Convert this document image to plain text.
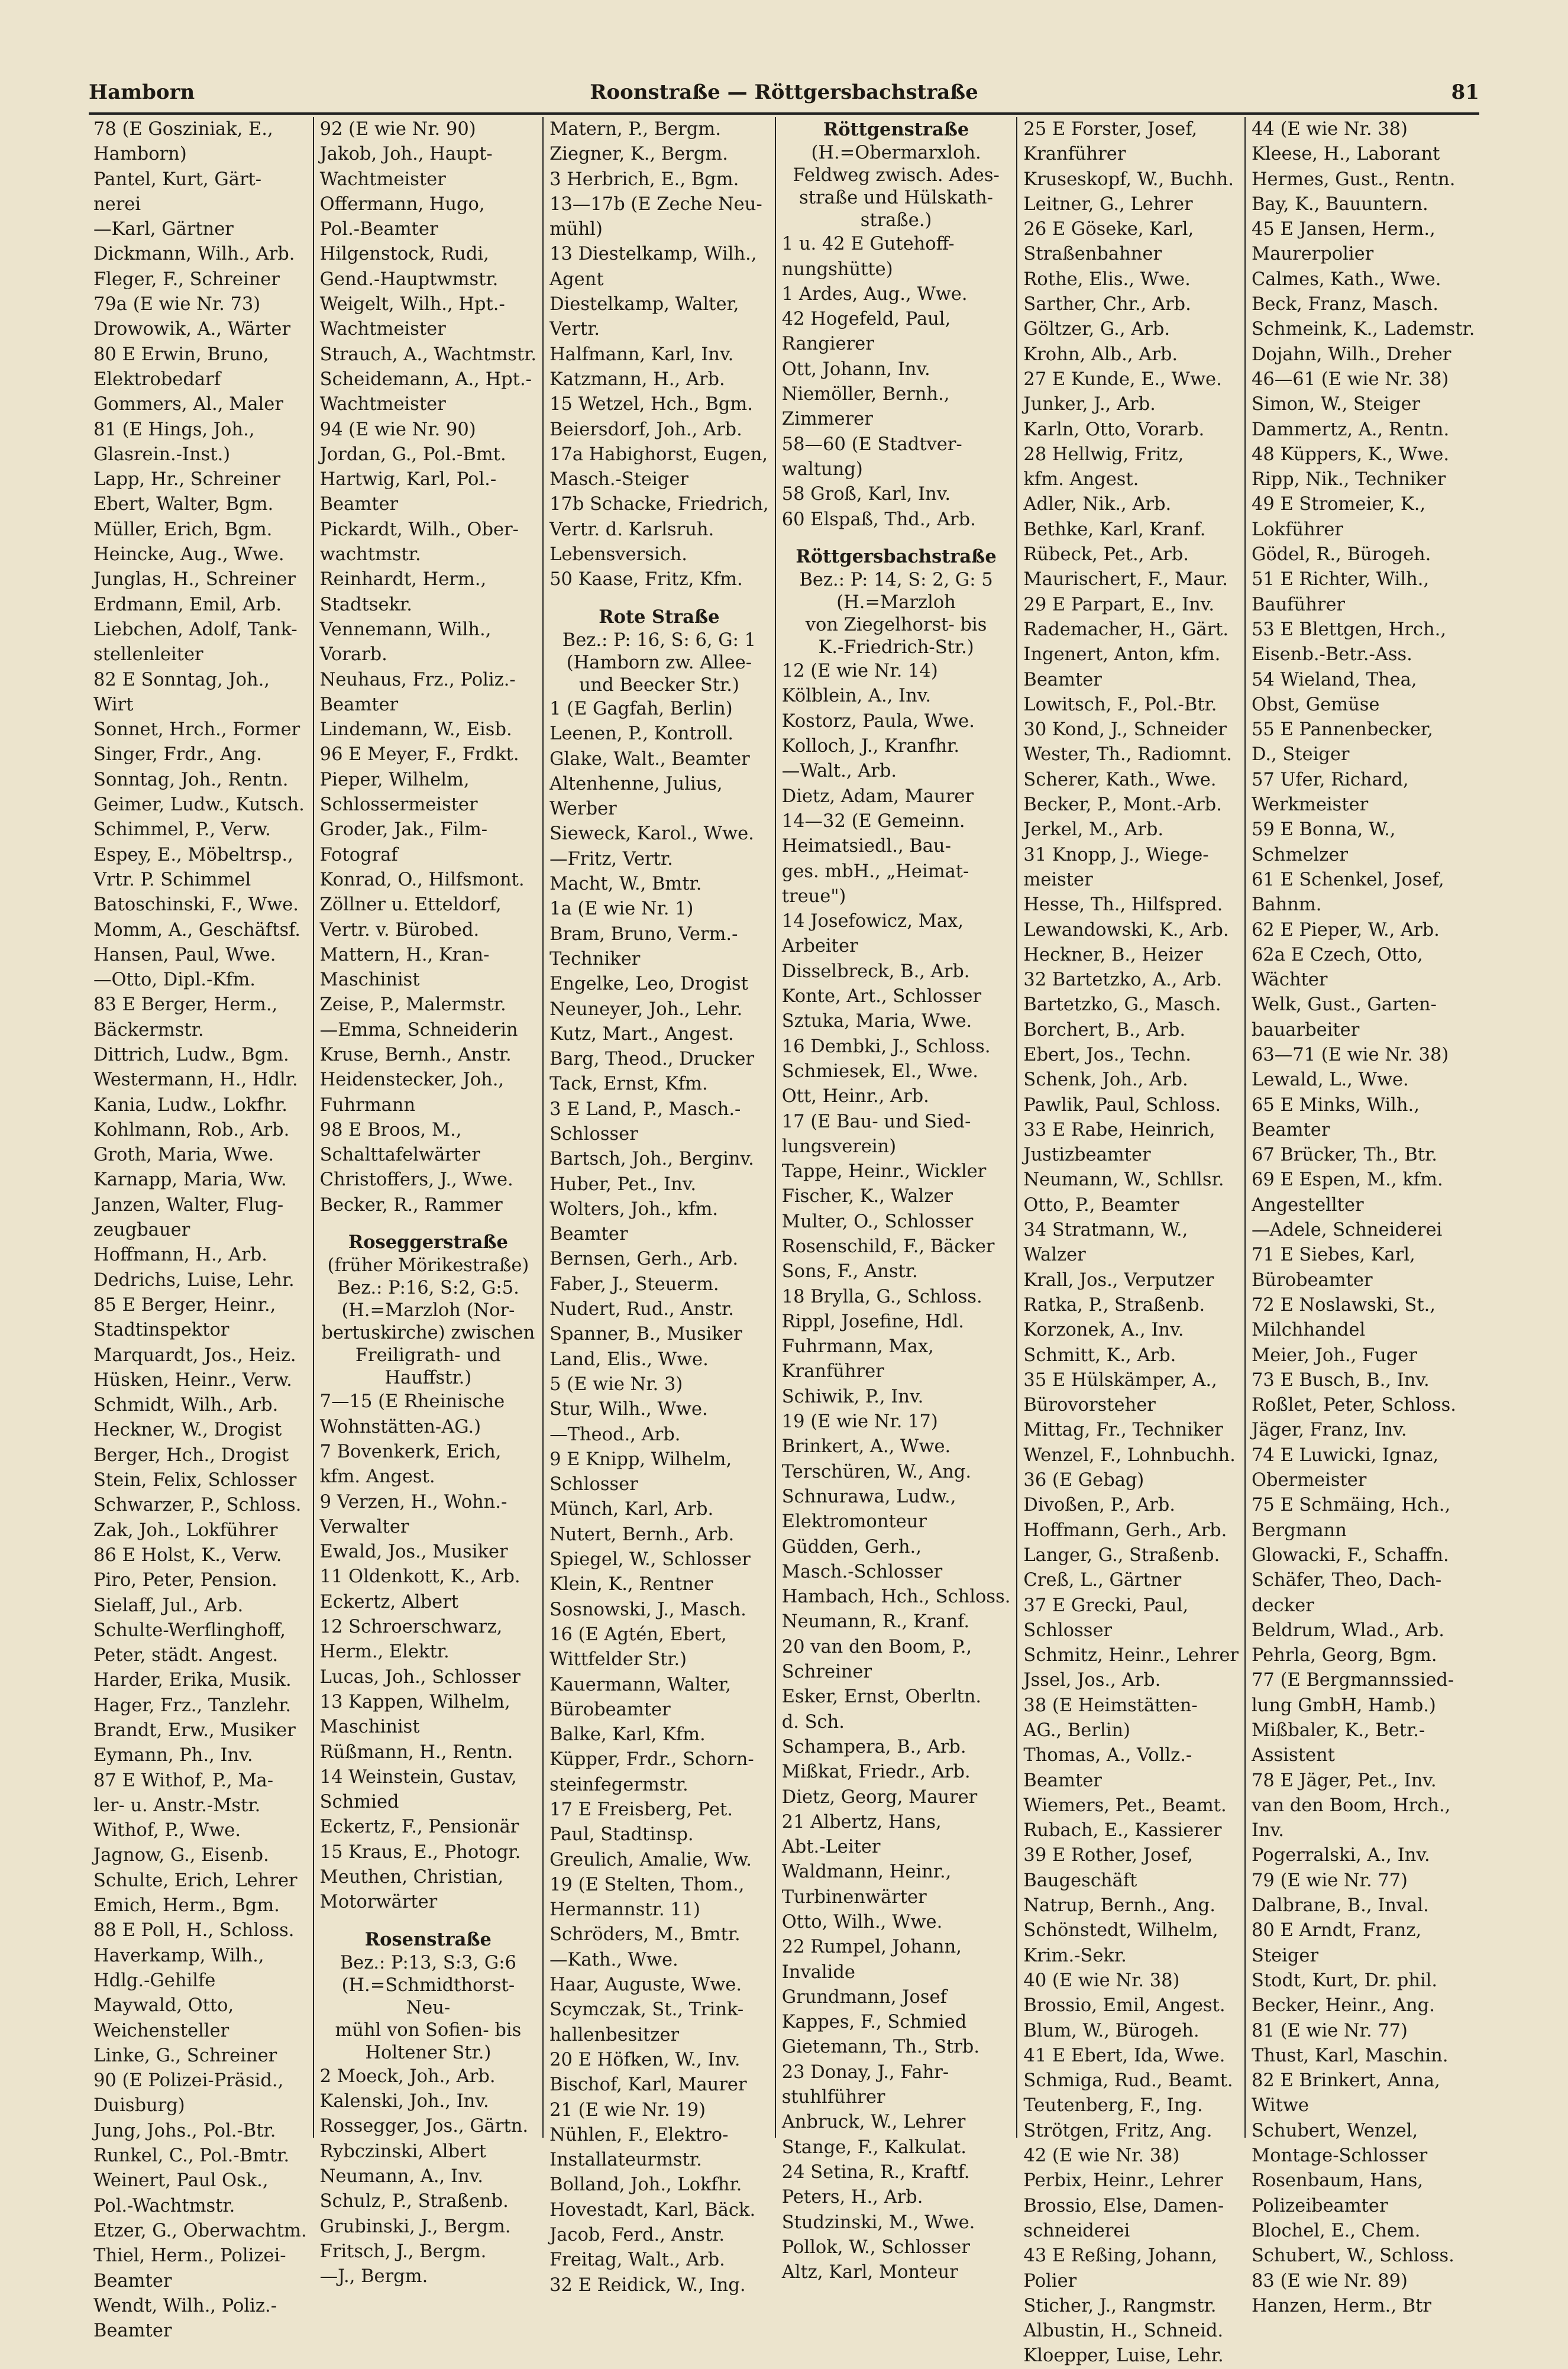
Hamborn	Roonstraße — Röttgersbachstraße	81
78 (E Gosziniak, E.,
Hamborn)
Pantel, Kurt, Gärt-
nerei
—Karl, Gärtner
Dickmann, Wilh., Arb.
Fleger, F., Schreiner
79a (E wie Nr. 73)
Drowowik, A., Wärter
80 E Erwin, Bruno,
Elektrobedarf
Gommers, Al., Maler
81 (E Hings, Joh.,
Glasrein.-Inst.)
Lapp, Hr., Schreiner
Ebert, Walter, Bgm.
Müller, Erich, Bgm.
Heincke, Aug., Wwe.
Junglas, H., Schreiner
Erdmann, Emil, Arb.
Liebchen, Adolf, Tank-
stellenleiter
82 E Sonntag, Joh.,
Wirt
Sonnet, Hrch., Former
Singer, Frdr., Ang.
Sonntag, Joh., Rentn.
Geimer, Ludw., Kutsch.
Schimmel, P., Verw.
Espey, E., Möbeltrsp.,
Vrtr. P. Schimmel
Batoschinski, F., Wwe.
Momm, A., Geschäftsf.
Hansen, Paul, Wwe.
—Otto, Dipl.-Kfm.
83 E Berger, Herm.,
Bäckermstr.
Dittrich, Ludw., Bgm.
Westermann, H., Hdlr.
Kania, Ludw., Lokfhr.
Kohlmann, Rob., Arb.
Groth, Maria, Wwe.
Karnapp, Maria, Ww.
Janzen, Walter, Flug-
zeugbauer
Hoffmann, H., Arb.
Dedrichs, Luise, Lehr.
85 E Berger, Heinr.,
Stadtinspektor
Marquardt, Jos., Heiz.
Hüsken, Heinr., Verw.
Schmidt, Wilh., Arb.
Heckner, W., Drogist
Berger, Hch., Drogist
Stein, Felix, Schlosser
Schwarzer, P., Schloss.
Zak, Joh., Lokführer
86 E Holst, K., Verw.
Piro, Peter, Pension.
Sielaff, Jul., Arb.
Schulte-Werflinghoff,
Peter, städt. Angest.
Harder, Erika, Musik.
Hager, Frz., Tanzlehr.
Brandt, Erw., Musiker
Eymann, Ph., Inv.
87 E Withof, P., Ma-
ler- u. Anstr.-Mstr.
Withof, P., Wwe.
Jagnow, G., Eisenb.
Schulte, Erich, Lehrer
Emich, Herm., Bgm.
88 E Poll, H., Schloss.
Haverkamp, Wilh.,
Hdlg.-Gehilfe
Maywald, Otto,
Weichensteller
Linke, G., Schreiner
90 (E Polizei-Präsid.,
Duisburg)
Jung, Johs., Pol.-Btr.
Runkel, C., Pol.-Bmtr.
Weinert, Paul Osk.,
Pol.-Wachtmstr.
Etzer, G., Oberwachtm.
Thiel, Herm., Polizei-
Beamter
Wendt, Wilh., Poliz.-
Beamter
92 (E wie Nr. 90)
Jakob, Joh., Haupt-
Wachtmeister
Offermann, Hugo,
Pol.-Beamter
Hilgenstock, Rudi,
Gend.-Hauptwmstr.
Weigelt, Wilh., Hpt.-
Wachtmeister
Strauch, A., Wachtmstr.
Scheidemann, A., Hpt.-
Wachtmeister
94 (E wie Nr. 90)
Jordan, G., Pol.-Bmt.
Hartwig, Karl, Pol.-
Beamter
Pickardt, Wilh., Ober-
wachtmstr.
Reinhardt, Herm.,
Stadtsekr.
Vennemann, Wilh.,
Vorarb.
Neuhaus, Frz., Poliz.-
Beamter
Lindemann, W., Eisb.
96 E Meyer, F., Frdkt.
Pieper, Wilhelm,
Schlossermeister
Groder, Jak., Film-
Fotograf
Konrad, O., Hilfsmont.
Zöllner u. Etteldorf,
Vertr. v. Bürobed.
Mattern, H., Kran-
Maschinist
Zeise, P., Malermstr.
—Emma, Schneiderin
Kruse, Bernh., Anstr.
Heidenstecker, Joh.,
Fuhrmann
98 E Broos, M.,
Schalttafelwärter
Christoffers, J., Wwe.
Becker, R., Rammer
Roseggerstraße
(früher Mörikestraße)
Bez.: P:16, S:2, G:5.
(H.=Marzloh (Nor-
bertuskirche) zwischen
Freiligrath- und
Hauffstr.)
7—15 (E Rheinische
Wohnstätten-AG.)
7 Bovenkerk, Erich,
kfm. Angest.
9 Verzen, H., Wohn.-
Verwalter
Ewald, Jos., Musiker
11 Oldenkott, K., Arb.
Eckertz, Albert
12 Schroerschwarz,
Herm., Elektr.
Lucas, Joh., Schlosser
13 Kappen, Wilhelm,
Maschinist
Rüßmann, H., Rentn.
14 Weinstein, Gustav,
Schmied
Eckertz, F., Pensionär
15 Kraus, E., Photogr.
Meuthen, Christian,
Motorwärter
Rosenstraße
Bez.: P:13, S:3, G:6
(H.=Schmidthorst-Neu-
mühl von Sofien- bis
Holtener Str.)
2 Moeck, Joh., Arb.
Kalenski, Joh., Inv.
Rossegger, Jos., Gärtn.
Rybczinski, Albert
Neumann, A., Inv.
Schulz, P., Straßenb.
Grubinski, J., Bergm.
Fritsch, J., Bergm.
—J., Bergm.
Matern, P., Bergm.
Ziegner, K., Bergm.
3 Herbrich, E., Bgm.
13—17b (E Zeche Neu-
mühl)
13 Diestelkamp, Wilh.,
Agent
Diestelkamp, Walter,
Vertr.
Halfmann, Karl, Inv.
Katzmann, H., Arb.
15 Wetzel, Hch., Bgm.
Beiersdorf, Joh., Arb.
17a Habighorst, Eugen,
Masch.-Steiger
17b Schacke, Friedrich,
Vertr. d. Karlsruh.
Lebensversich.
50 Kaase, Fritz, Kfm.
Rote Straße
Bez.: P: 16, S: 6, G: 1
(Hamborn zw. Allee-
und Beecker Str.)
1 (E Gagfah, Berlin)
Leenen, P., Kontroll.
Glake, Walt., Beamter
Altenhenne, Julius,
Werber
Sieweck, Karol., Wwe.
—Fritz, Vertr.
Macht, W., Bmtr.
1a (E wie Nr. 1)
Bram, Bruno, Verm.-
Techniker
Engelke, Leo, Drogist
Neuneyer, Joh., Lehr.
Kutz, Mart., Angest.
Barg, Theod., Drucker
Tack, Ernst, Kfm.
3 E Land, P., Masch.-
Schlosser
Bartsch, Joh., Berginv.
Huber, Pet., Inv.
Wolters, Joh., kfm.
Beamter
Bernsen, Gerh., Arb.
Faber, J., Steuerm.
Nudert, Rud., Anstr.
Spanner, B., Musiker
Land, Elis., Wwe.
5 (E wie Nr. 3)
Stur, Wilh., Wwe.
—Theod., Arb.
9 E Knipp, Wilhelm,
Schlosser
Münch, Karl, Arb.
Nutert, Bernh., Arb.
Spiegel, W., Schlosser
Klein, K., Rentner
Sosnowski, J., Masch.
16 (E Agtén, Ebert,
Wittfelder Str.)
Kauermann, Walter,
Bürobeamter
Balke, Karl, Kfm.
Küpper, Frdr., Schorn-
steinfegermstr.
17 E Freisberg, Pet.
Paul, Stadtinsp.
Greulich, Amalie, Ww.
19 (E Stelten, Thom.,
Hermannstr. 11)
Schröders, M., Bmtr.
—Kath., Wwe.
Haar, Auguste, Wwe.
Scymczak, St., Trink-
hallenbesitzer
20 E Höfken, W., Inv.
Bischof, Karl, Maurer
21 (E wie Nr. 19)
Nühlen, F., Elektro-
Installateurmstr.
Bolland, Joh., Lokfhr.
Hovestadt, Karl, Bäck.
Jacob, Ferd., Anstr.
Freitag, Walt., Arb.
32 E Reidick, W., Ing.
Röttgenstraße
(H.=Obermarxloh.
Feldweg zwisch. Ades-
straße und Hülskath-
straße.)
1 u. 42 E Gutehoff-
nungshütte)
1 Ardes, Aug., Wwe.
42 Hogefeld, Paul,
Rangierer
Ott, Johann, Inv.
Niemöller, Bernh.,
Zimmerer
58—60 (E Stadtver-
waltung)
58 Groß, Karl, Inv.
60 Elspaß, Thd., Arb.
Röttgersbachstraße
Bez.: P: 14, S: 2, G: 5
(H.=Marzloh
von Ziegelhorst- bis
K.-Friedrich-Str.)
12 (E wie Nr. 14)
Kölblein, A., Inv.
Kostorz, Paula, Wwe.
Kolloch, J., Kranfhr.
—Walt., Arb.
Dietz, Adam, Maurer
14—32 (E Gemeinn.
Heimatsiedl., Bau-
ges. mbH., „Heimat-
treue")
14 Josefowicz, Max,
Arbeiter
Disselbreck, B., Arb.
Konte, Art., Schlosser
Sztuka, Maria, Wwe.
16 Dembki, J., Schloss.
Schmiesek, El., Wwe.
Ott, Heinr., Arb.
17 (E Bau- und Sied-
lungsverein)
Tappe, Heinr., Wickler
Fischer, K., Walzer
Multer, O., Schlosser
Rosenschild, F., Bäcker
Sons, F., Anstr.
18 Brylla, G., Schloss.
Rippl, Josefine, Hdl.
Fuhrmann, Max,
Kranführer
Schiwik, P., Inv.
19 (E wie Nr. 17)
Brinkert, A., Wwe.
Terschüren, W., Ang.
Schnurawa, Ludw.,
Elektromonteur
Güdden, Gerh.,
Masch.-Schlosser
Hambach, Hch., Schloss.
Neumann, R., Kranf.
20 van den Boom, P.,
Schreiner
Esker, Ernst, Oberltn.
d. Sch.
Schampera, B., Arb.
Mißkat, Friedr., Arb.
Dietz, Georg, Maurer
21 Albertz, Hans,
Abt.-Leiter
Waldmann, Heinr.,
Turbinenwärter
Otto, Wilh., Wwe.
22 Rumpel, Johann,
Invalide
Grundmann, Josef
Kappes, F., Schmied
Gietemann, Th., Strb.
23 Donay, J., Fahr-
stuhlführer
Anbruck, W., Lehrer
Stange, F., Kalkulat.
24 Setina, R., Kraftf.
Peters, H., Arb.
Studzinski, M., Wwe.
Pollok, W., Schlosser
Altz, Karl, Monteur
25 E Forster, Josef,
Kranführer
Kruseskopf, W., Buchh.
Leitner, G., Lehrer
26 E Göseke, Karl,
Straßenbahner
Rothe, Elis., Wwe.
Sarther, Chr., Arb.
Göltzer, G., Arb.
Krohn, Alb., Arb.
27 E Kunde, E., Wwe.
Junker, J., Arb.
Karln, Otto, Vorarb.
28 Hellwig, Fritz,
kfm. Angest.
Adler, Nik., Arb.
Bethke, Karl, Kranf.
Rübeck, Pet., Arb.
Maurischert, F., Maur.
29 E Parpart, E., Inv.
Rademacher, H., Gärt.
Ingenert, Anton, kfm.
Beamter
Lowitsch, F., Pol.-Btr.
30 Kond, J., Schneider
Wester, Th., Radiomnt.
Scherer, Kath., Wwe.
Becker, P., Mont.-Arb.
Jerkel, M., Arb.
31 Knopp, J., Wiege-
meister
Hesse, Th., Hilfspred.
Lewandowski, K., Arb.
Heckner, B., Heizer
32 Bartetzko, A., Arb.
Bartetzko, G., Masch.
Borchert, B., Arb.
Ebert, Jos., Techn.
Schenk, Joh., Arb.
Pawlik, Paul, Schloss.
33 E Rabe, Heinrich,
Justizbeamter
Neumann, W., Schllsr.
Otto, P., Beamter
34 Stratmann, W.,
Walzer
Krall, Jos., Verputzer
Ratka, P., Straßenb.
Korzonek, A., Inv.
Schmitt, K., Arb.
35 E Hülskämper, A.,
Bürovorsteher
Mittag, Fr., Techniker
Wenzel, F., Lohnbuchh.
36 (E Gebag)
Divoßen, P., Arb.
Hoffmann, Gerh., Arb.
Langer, G., Straßenb.
Creß, L., Gärtner
37 E Grecki, Paul,
Schlosser
Schmitz, Heinr., Lehrer
Jssel, Jos., Arb.
38 (E Heimstätten-
AG., Berlin)
Thomas, A., Vollz.-
Beamter
Wiemers, Pet., Beamt.
Rubach, E., Kassierer
39 E Rother, Josef,
Baugeschäft
Natrup, Bernh., Ang.
Schönstedt, Wilhelm,
Krim.-Sekr.
40 (E wie Nr. 38)
Brossio, Emil, Angest.
Blum, W., Bürogeh.
41 E Ebert, Ida, Wwe.
Schmiga, Rud., Beamt.
Teutenberg, F., Ing.
Strötgen, Fritz, Ang.
42 (E wie Nr. 38)
Perbix, Heinr., Lehrer
Brossio, Else, Damen-
schneiderei
43 E Reßing, Johann,
Polier
Sticher, J., Rangmstr.
Albustin, H., Schneid.
Kloepper, Luise, Lehr.
44 (E wie Nr. 38)
Kleese, H., Laborant
Hermes, Gust., Rentn.
Bay, K., Bauuntern.
45 E Jansen, Herm.,
Maurerpolier
Calmes, Kath., Wwe.
Beck, Franz, Masch.
Schmeink, K., Lademstr.
Dojahn, Wilh., Dreher
46—61 (E wie Nr. 38)
Simon, W., Steiger
Dammertz, A., Rentn.
48 Küppers, K., Wwe.
Ripp, Nik., Techniker
49 E Stromeier, K.,
Lokführer
Gödel, R., Bürogeh.
51 E Richter, Wilh.,
Bauführer
53 E Blettgen, Hrch.,
Eisenb.-Betr.-Ass.
54 Wieland, Thea,
Obst, Gemüse
55 E Pannenbecker,
D., Steiger
57 Ufer, Richard,
Werkmeister
59 E Bonna, W.,
Schmelzer
61 E Schenkel, Josef,
Bahnm.
62 E Pieper, W., Arb.
62a E Czech, Otto,
Wächter
Welk, Gust., Garten-
bauarbeiter
63—71 (E wie Nr. 38)
Lewald, L., Wwe.
65 E Minks, Wilh.,
Beamter
67 Brücker, Th., Btr.
69 E Espen, M., kfm.
Angestellter
—Adele, Schneiderei
71 E Siebes, Karl,
Bürobeamter
72 E Noslawski, St.,
Milchhandel
Meier, Joh., Fuger
73 E Busch, B., Inv.
Roßlet, Peter, Schloss.
Jäger, Franz, Inv.
74 E Luwicki, Ignaz,
Obermeister
75 E Schmäing, Hch.,
Bergmann
Glowacki, F., Schaffn.
Schäfer, Theo, Dach-
decker
Beldrum, Wlad., Arb.
Pehrla, Georg, Bgm.
77 (E Bergmannssied-
lung GmbH, Hamb.)
Mißbaler, K., Betr.-
Assistent
78 E Jäger, Pet., Inv.
van den Boom, Hrch.,
Inv.
Pogerralski, A., Inv.
79 (E wie Nr. 77)
Dalbrane, B., Inval.
80 E Arndt, Franz,
Steiger
Stodt, Kurt, Dr. phil.
Becker, Heinr., Ang.
81 (E wie Nr. 77)
Thust, Karl, Maschin.
82 E Brinkert, Anna,
Witwe
Schubert, Wenzel,
Montage-Schlosser
Rosenbaum, Hans,
Polizeibeamter
Blochel, E., Chem.
Schubert, W., Schloss.
83 (E wie Nr. 89)
Hanzen, Herm., Btr
